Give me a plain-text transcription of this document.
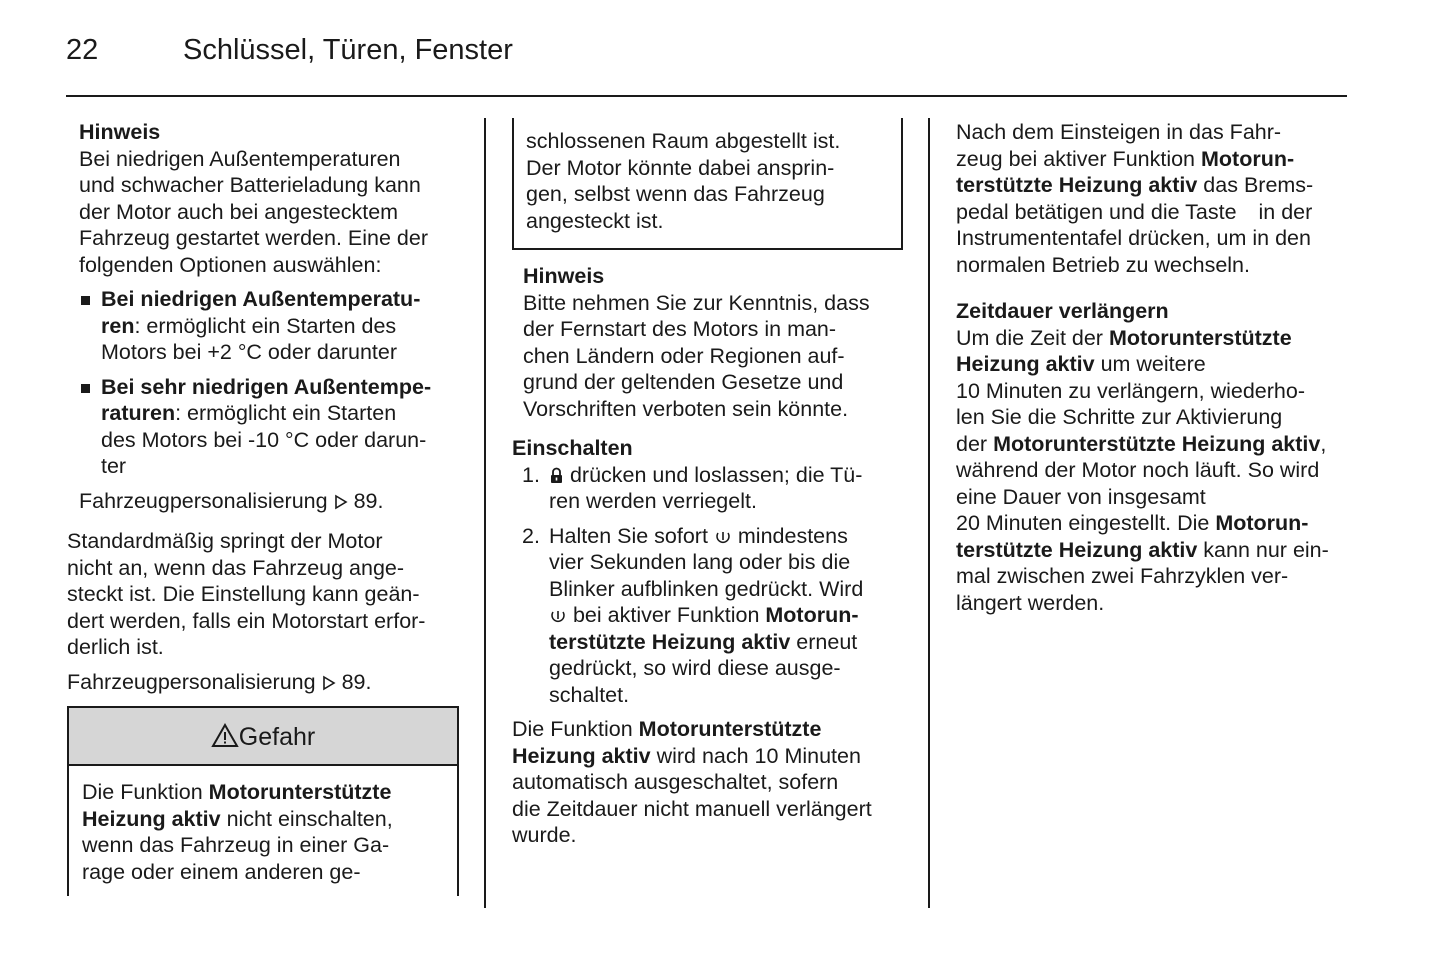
22	Schlüssel, Türen, Fenster

Hinweis

Bei niedrigen Außentemperaturen

und schwacher Batterieladung kann

der Motor auch bei angestecktem

Fahrzeug gestartet werden. Eine der

folgenden Optionen auswählen:

Bei niedrigen Außentemperatu-

ren: ermöglicht ein Starten des

Motors bei +2 °C oder darunter

Bei sehr niedrigen Außentempe-

raturen: ermöglicht ein Starten

des Motors bei -10 °C oder darun-

ter

Fahrzeugpersonalisierung 89.

Standardmäßig springt der Motor

nicht an, wenn das Fahrzeug ange-

steckt ist. Die Einstellung kann geän-

dert werden, falls ein Motorstart erfor-

derlich ist.

Fahrzeugpersonalisierung 89.

Gefahr

Die Funktion Motorunterstützte

Heizung aktiv nicht einschalten,

wenn das Fahrzeug in einer Ga-

rage oder einem anderen ge-

schlossenen Raum abgestellt ist.

Der Motor könnte dabei ansprin-

gen, selbst wenn das Fahrzeug

angesteckt ist.

Hinweis

Bitte nehmen Sie zur Kenntnis, dass

der Fernstart des Motors in man-

chen Ländern oder Regionen auf-

grund der geltenden Gesetze und

Vorschriften verboten sein könnte.

Einschalten

1.	drücken und loslassen; die Tü-

ren werden verriegelt.

2. Halten Sie sofort  mindestens

vier Sekunden lang oder bis die

Blinker aufblinken gedrückt. Wird

bei aktiver Funktion Motorun-

terstützte Heizung aktiv erneut

gedrückt, so wird diese ausge-

schaltet.

Die Funktion Motorunterstützte

Heizung aktiv wird nach 10 Minuten

automatisch ausgeschaltet, sofern

die Zeitdauer nicht manuell verlängert

wurde.

Nach dem Einsteigen in das Fahr-

zeug bei aktiver Funktion Motorun-

terstützte Heizung aktiv das Brems-

pedal betätigen und die Taste  in der

Instrumententafel drücken, um in den

normalen Betrieb zu wechseln.

Zeitdauer verlängern

Um die Zeit der Motorunterstützte

Heizung aktiv um weitere

10 Minuten zu verlängern, wiederho-

len Sie die Schritte zur Aktivierung

der Motorunterstützte Heizung aktiv,

während der Motor noch läuft. So wird

eine Dauer von insgesamt

20 Minuten eingestellt. Die Motorun-

terstützte Heizung aktiv kann nur ein-

mal zwischen zwei Fahrzyklen ver-

längert werden.
